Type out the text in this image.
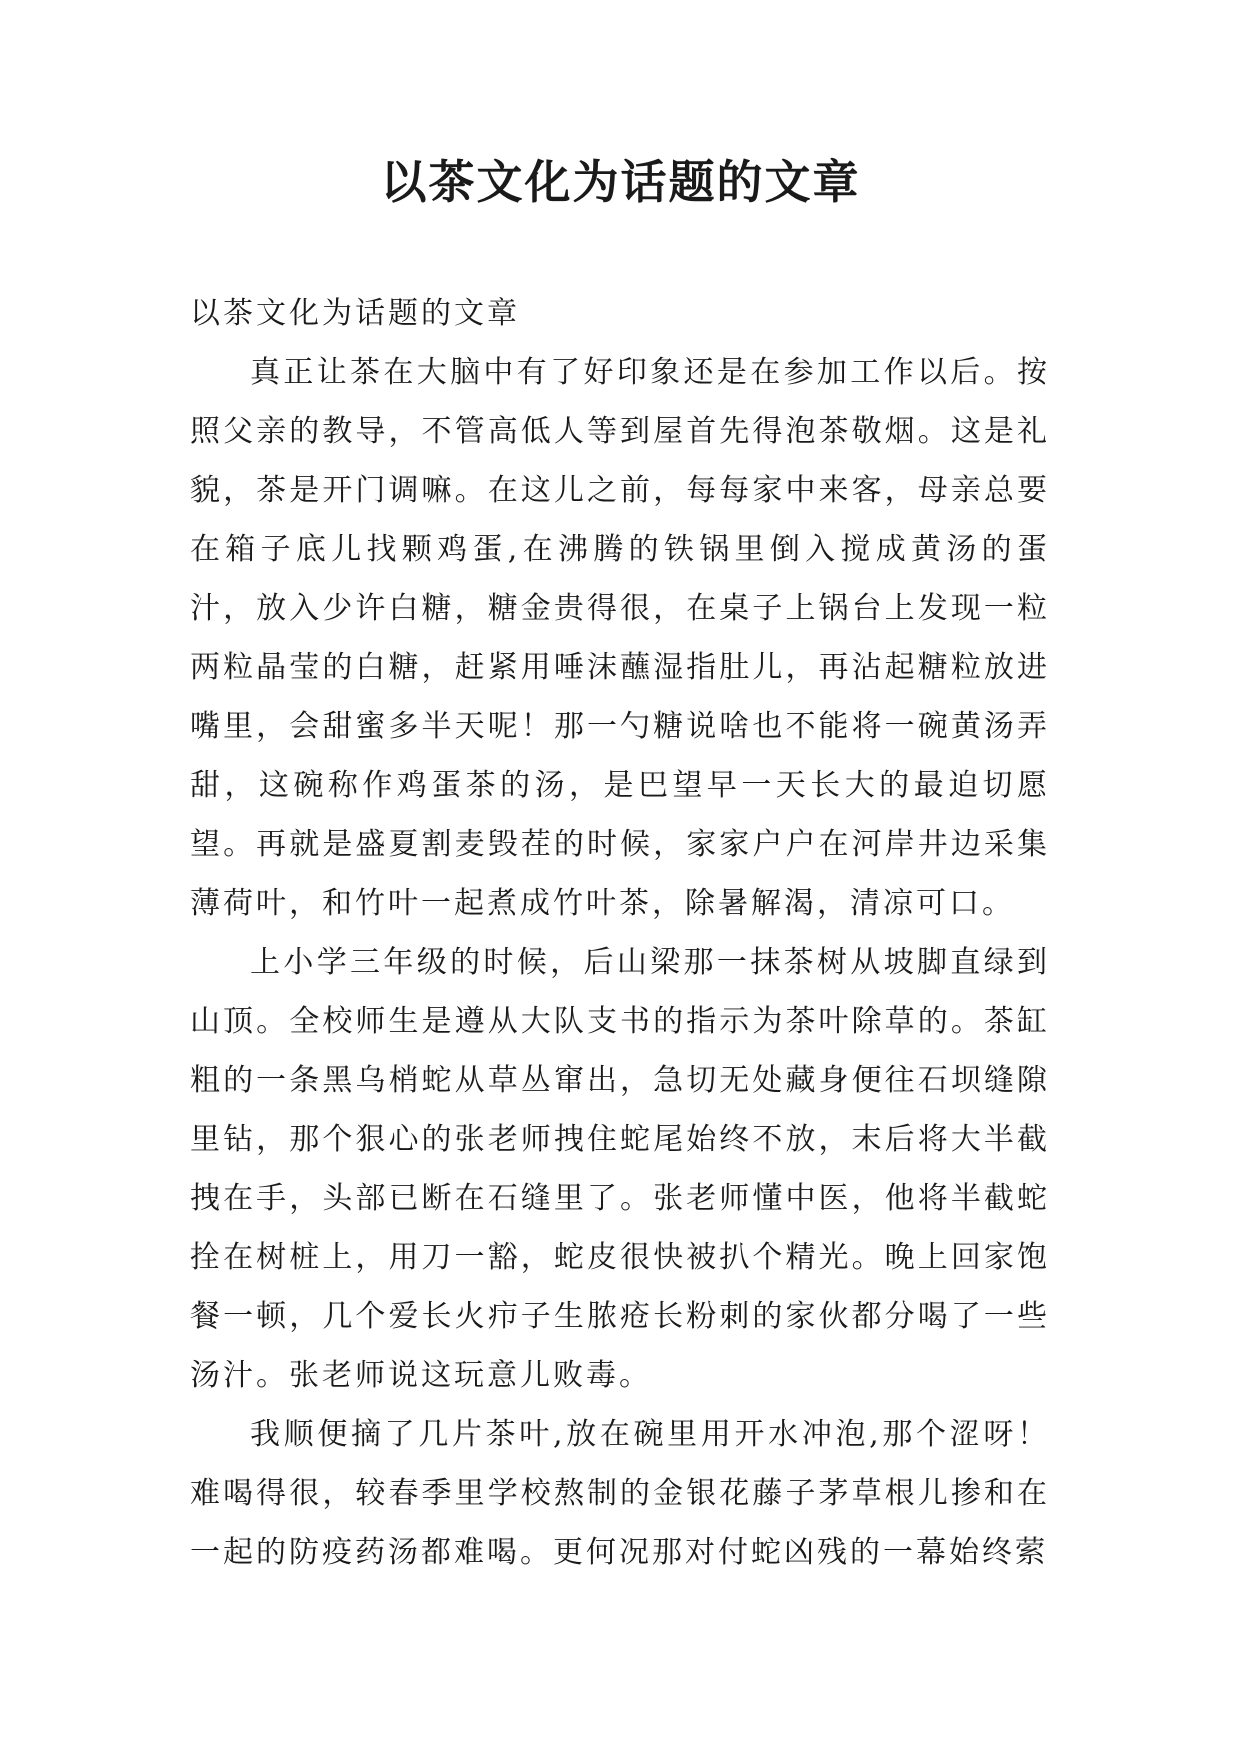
以茶文化为话题的文章

以茶文化为话题的文章

真正让茶在大脑中有了好印象还是在参加工作以后。按照父亲的教导，不管高低人等到屋首先得泡茶敬烟。这是礼貌，茶是开门调嘛。在这儿之前，每每家中来客，母亲总要在箱子底儿找颗鸡蛋,在沸腾的铁锅里倒入搅成黄汤的蛋汁，放入少许白糖，糖金贵得很，在桌子上锅台上发现一粒两粒晶莹的白糖，赶紧用唾沫蘸湿指肚儿，再沾起糖粒放进嘴里，会甜蜜多半天呢！那一勺糖说啥也不能将一碗黄汤弄甜，这碗称作鸡蛋茶的汤，是巴望早一天长大的最迫切愿望。再就是盛夏割麦毁茬的时候，家家户户在河岸井边采集薄荷叶，和竹叶一起煮成竹叶茶，除暑解渴，清凉可口。

上小学三年级的时候，后山梁那一抹茶树从坡脚直绿到山顶。全校师生是遵从大队支书的指示为茶叶除草的。茶缸粗的一条黑乌梢蛇从草丛窜出，急切无处藏身便往石坝缝隙里钻，那个狠心的张老师拽住蛇尾始终不放，末后将大半截拽在手，头部已断在石缝里了。张老师懂中医，他将半截蛇拴在树桩上，用刀一豁，蛇皮很快被扒个精光。晚上回家饱餐一顿，几个爱长火疖子生脓疮长粉刺的家伙都分喝了一些汤汁。张老师说这玩意儿败毒。

我顺便摘了几片茶叶,放在碗里用开水冲泡,那个涩呀！难喝得很，较春季里学校熬制的金银花藤子茅草根儿掺和在一起的防疫药汤都难喝。更何况那对付蛇凶残的一幕始终萦
